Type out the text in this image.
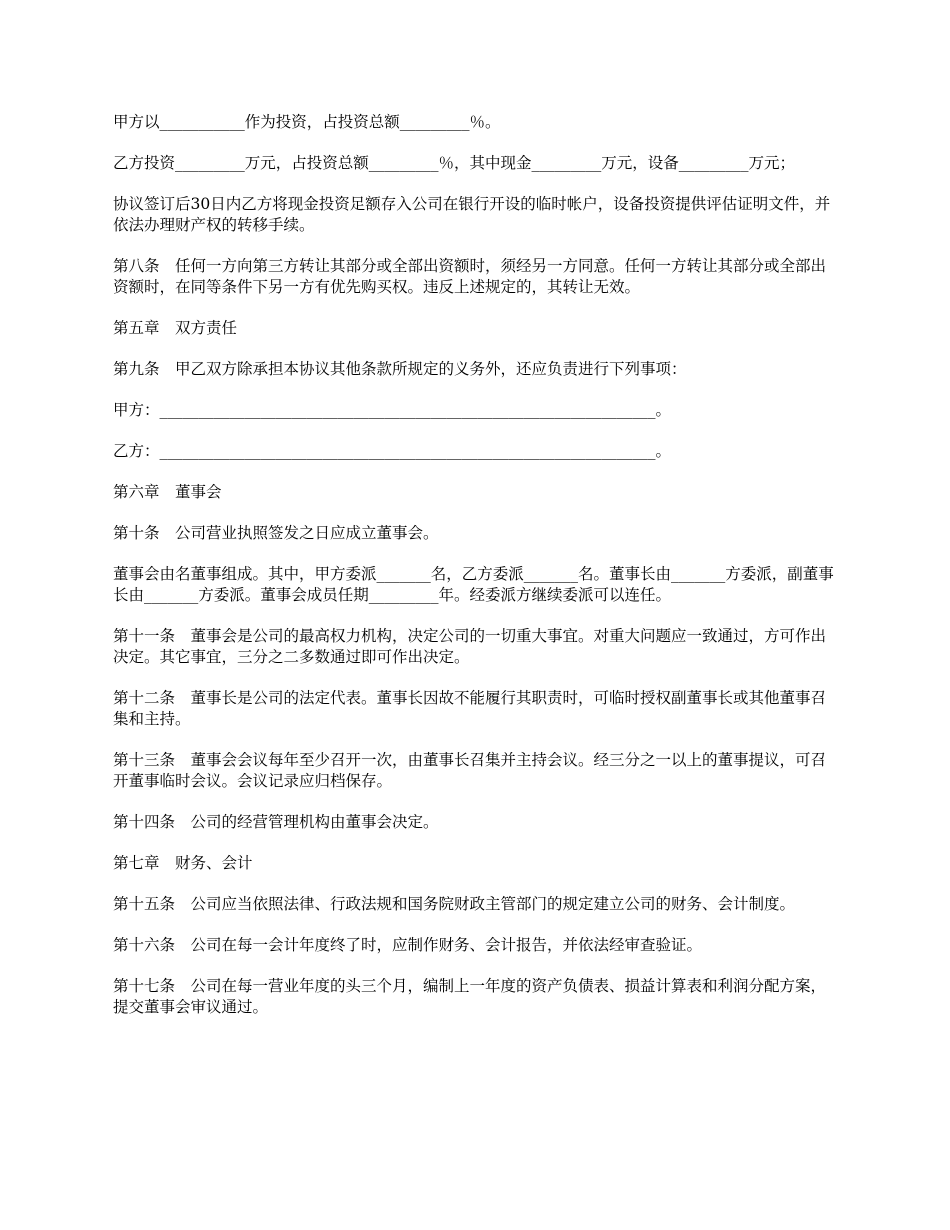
甲方以___________作为投资，占投资总额_________％。

乙方投资_________万元，占投资总额_________％，其中现金_________万元，设备_________万元；

协议签订后30日内乙方将现金投资足额存入公司在银行开设的临时帐户，设备投资提供评估证明文件，并依法办理财产权的转移手续。

第八条　任何一方向第三方转让其部分或全部出资额时，须经另一方同意。任何一方转让其部分或全部出资额时，在同等条件下另一方有优先购买权。违反上述规定的，其转让无效。

第五章　双方责任

第九条　甲乙双方除承担本协议其他条款所规定的义务外，还应负责进行下列事项：

甲方：________________________________________________________________。

乙方：________________________________________________________________。

第六章　董事会

第十条　公司营业执照签发之日应成立董事会。

董事会由名董事组成。其中，甲方委派_______名，乙方委派_______名。董事长由_______方委派，副董事长由_______方委派。董事会成员任期_________年。经委派方继续委派可以连任。

第十一条　董事会是公司的最高权力机构，决定公司的一切重大事宜。对重大问题应一致通过，方可作出决定。其它事宜，三分之二多数通过即可作出决定。

第十二条　董事长是公司的法定代表。董事长因故不能履行其职责时，可临时授权副董事长或其他董事召集和主持。

第十三条　董事会会议每年至少召开一次，由董事长召集并主持会议。经三分之一以上的董事提议，可召开董事临时会议。会议记录应归档保存。

第十四条　公司的经营管理机构由董事会决定。

第七章　财务、会计

第十五条　公司应当依照法律、行政法规和国务院财政主管部门的规定建立公司的财务、会计制度。

第十六条　公司在每一会计年度终了时，应制作财务、会计报告，并依法经审查验证。

第十七条　公司在每一营业年度的头三个月，编制上一年度的资产负债表、损益计算表和利润分配方案，提交董事会审议通过。
